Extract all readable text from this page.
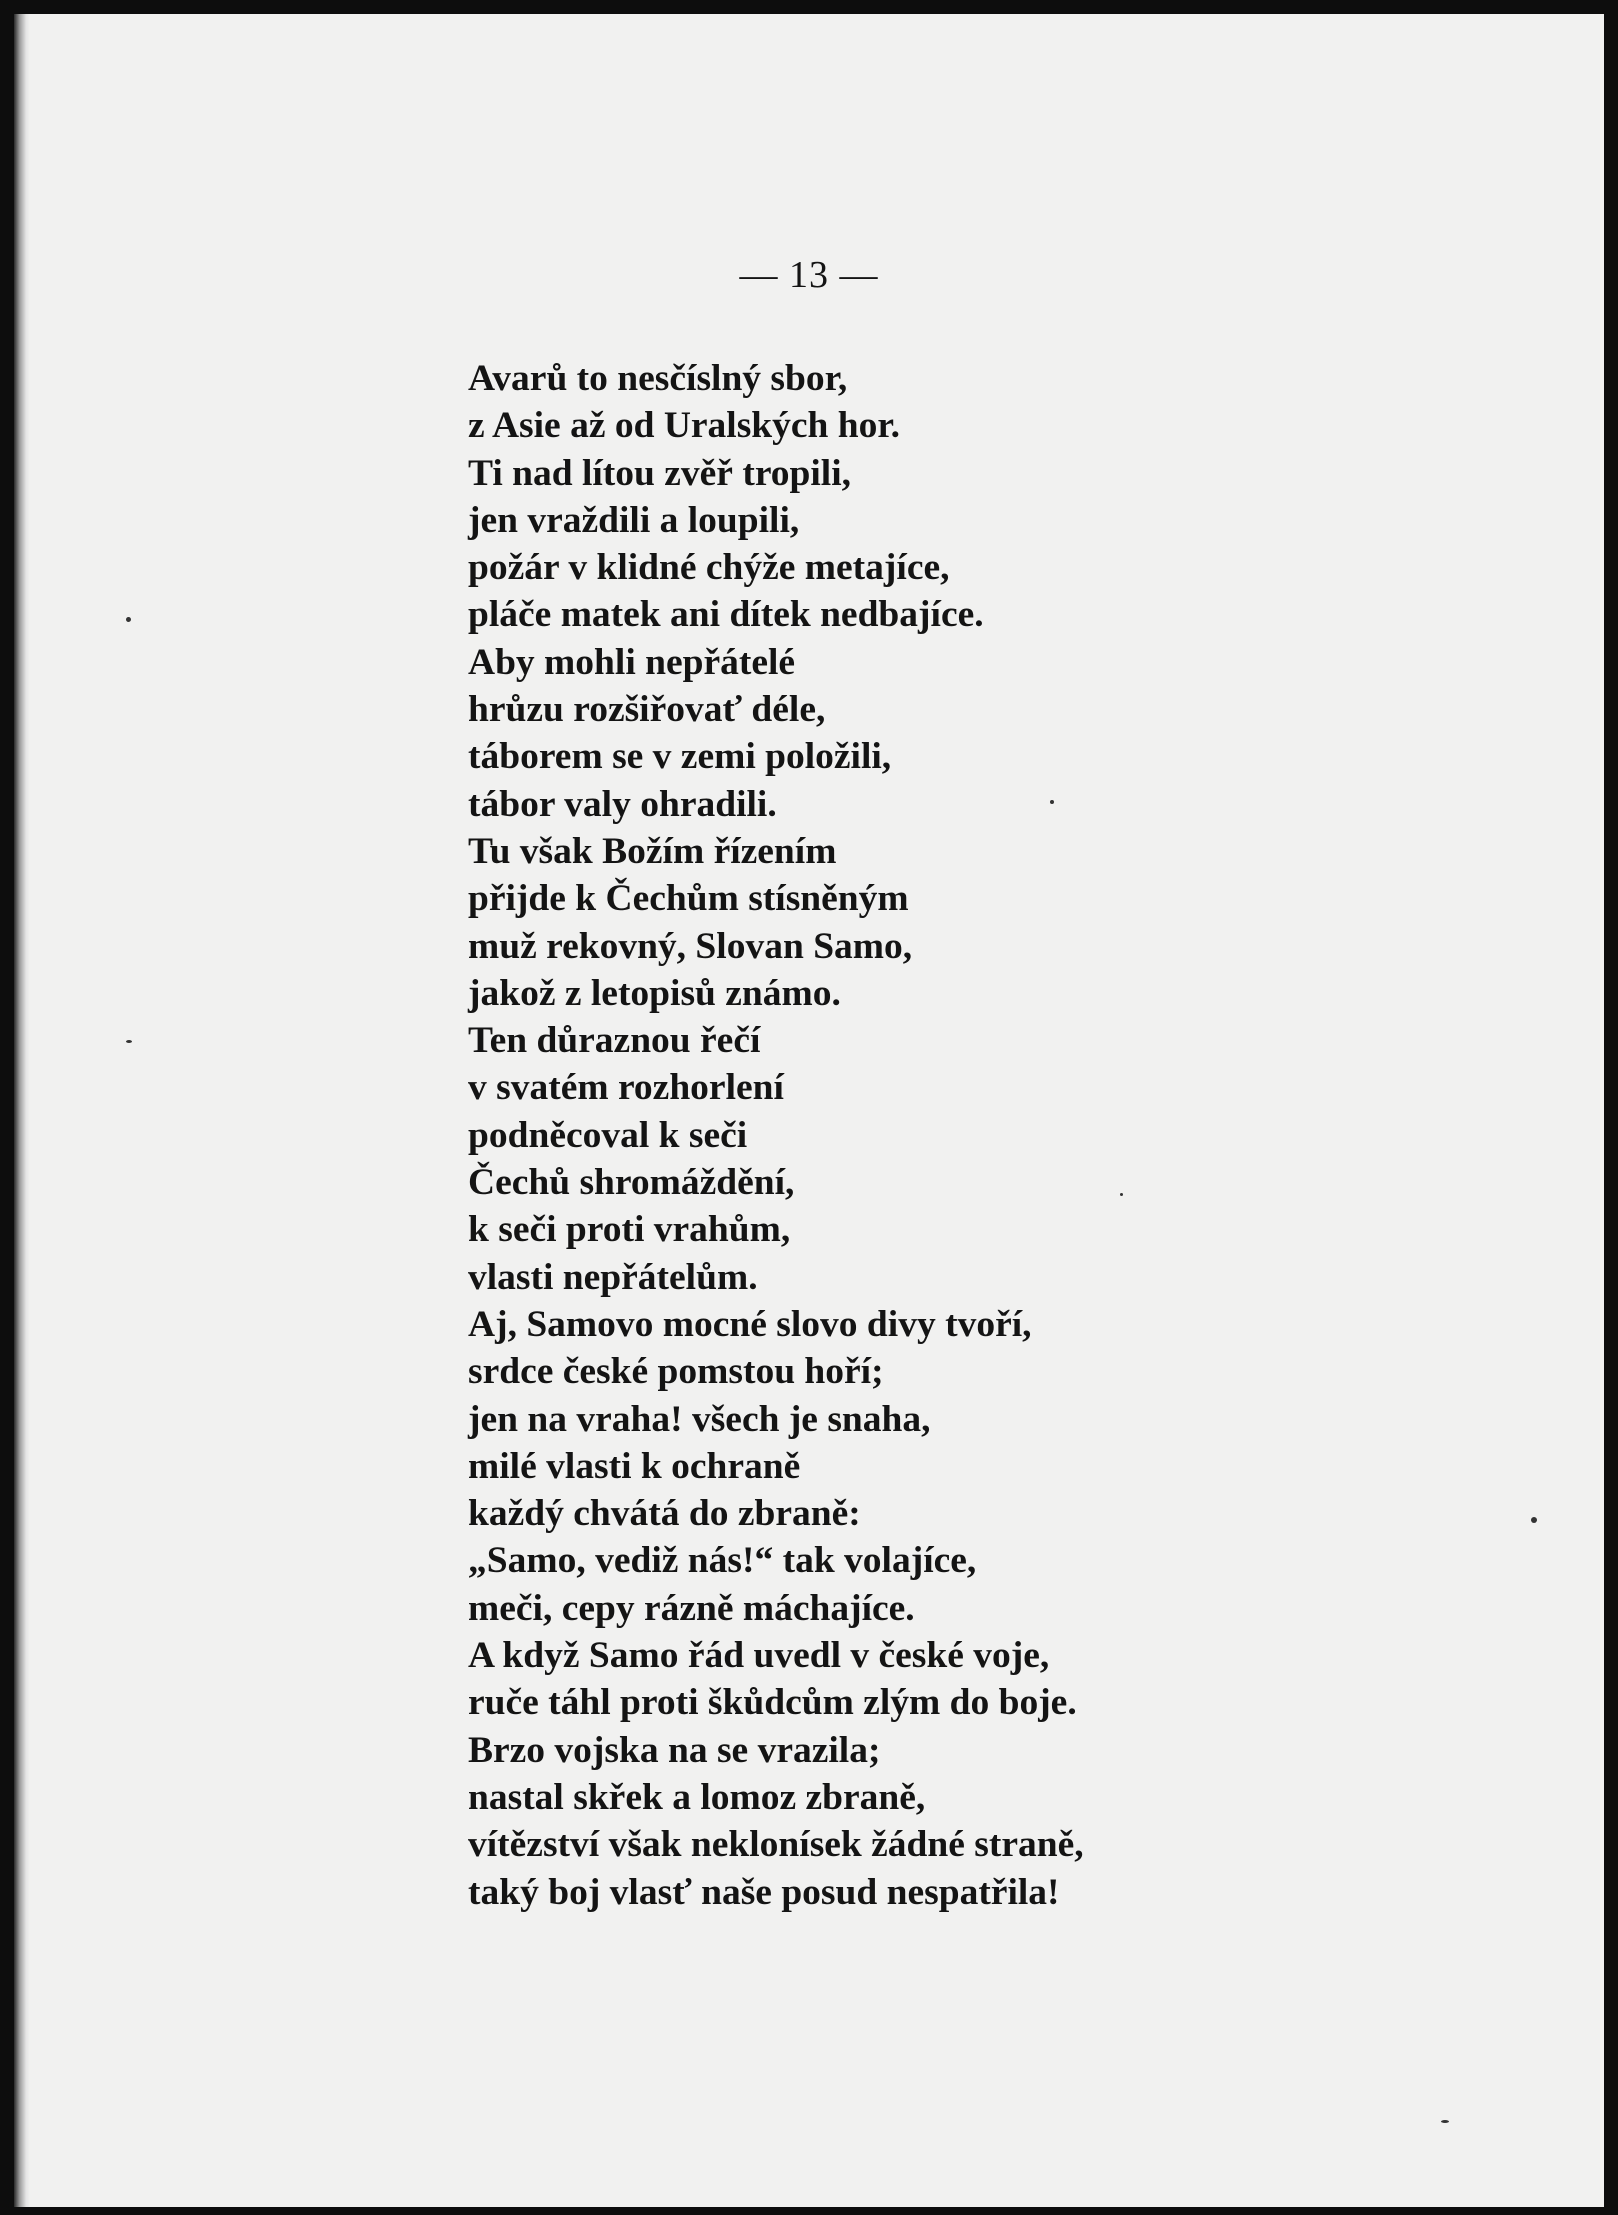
— 13 —
Avarů to nesčíslný sbor,
z Asie až od Uralských hor.
Ti nad lítou zvěř tropili,
jen vraždili a loupili,
požár v klidné chýže metajíce,
pláče matek ani dítek nedbajíce.
Aby mohli nepřátelé
hrůzu rozšiřovať déle,
táborem se v zemi položili,
tábor valy ohradili.
Tu však Božím řízením
přijde k Čechům stísněným
muž rekovný, Slovan Samo,
jakož z letopisů známo.
Ten důraznou řečí
v svatém rozhorlení
podněcoval k seči
Čechů shromáždění,
k seči proti vrahům,
vlasti nepřátelům.
Aj, Samovo mocné slovo divy tvoří,
srdce české pomstou hoří;
jen na vraha! všech je snaha,
milé vlasti k ochraně
každý chvátá do zbraně:
„Samo, vediž nás!“ tak volajíce,
meči, cepy rázně máchajíce.
A když Samo řád uvedl v české voje,
ruče táhl proti škůdcům zlým do boje.
Brzo vojska na se vrazila;
nastal skřek a lomoz zbraně,
vítězství však neklonísek žádné straně,
taký boj vlasť naše posud nespatřila!
